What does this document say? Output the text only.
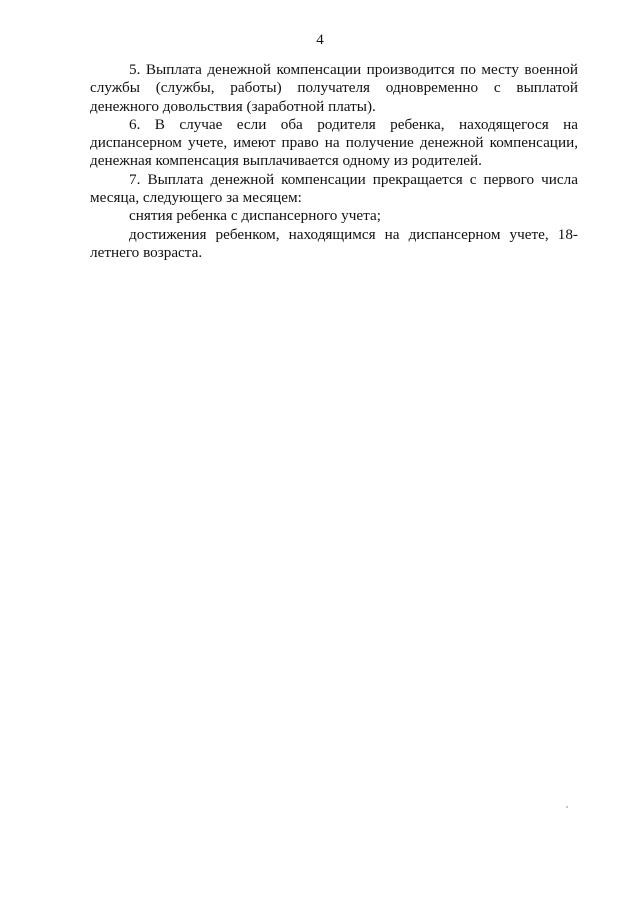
4

5. Выплата денежной компенсации производится по месту военной службы (службы, работы) получателя одновременно с выплатой денежного довольствия (заработной платы).

6. В случае если оба родителя ребенка, находящегося на диспансерном учете, имеют право на получение денежной компенсации, денежная компенсация выплачивается одному из родителей.

7. Выплата денежной компенсации прекращается с первого числа месяца, следующего за месяцем:

снятия ребенка с диспансерного учета;

достижения ребенком, находящимся на диспансерном учете, 18-летнего возраста.
